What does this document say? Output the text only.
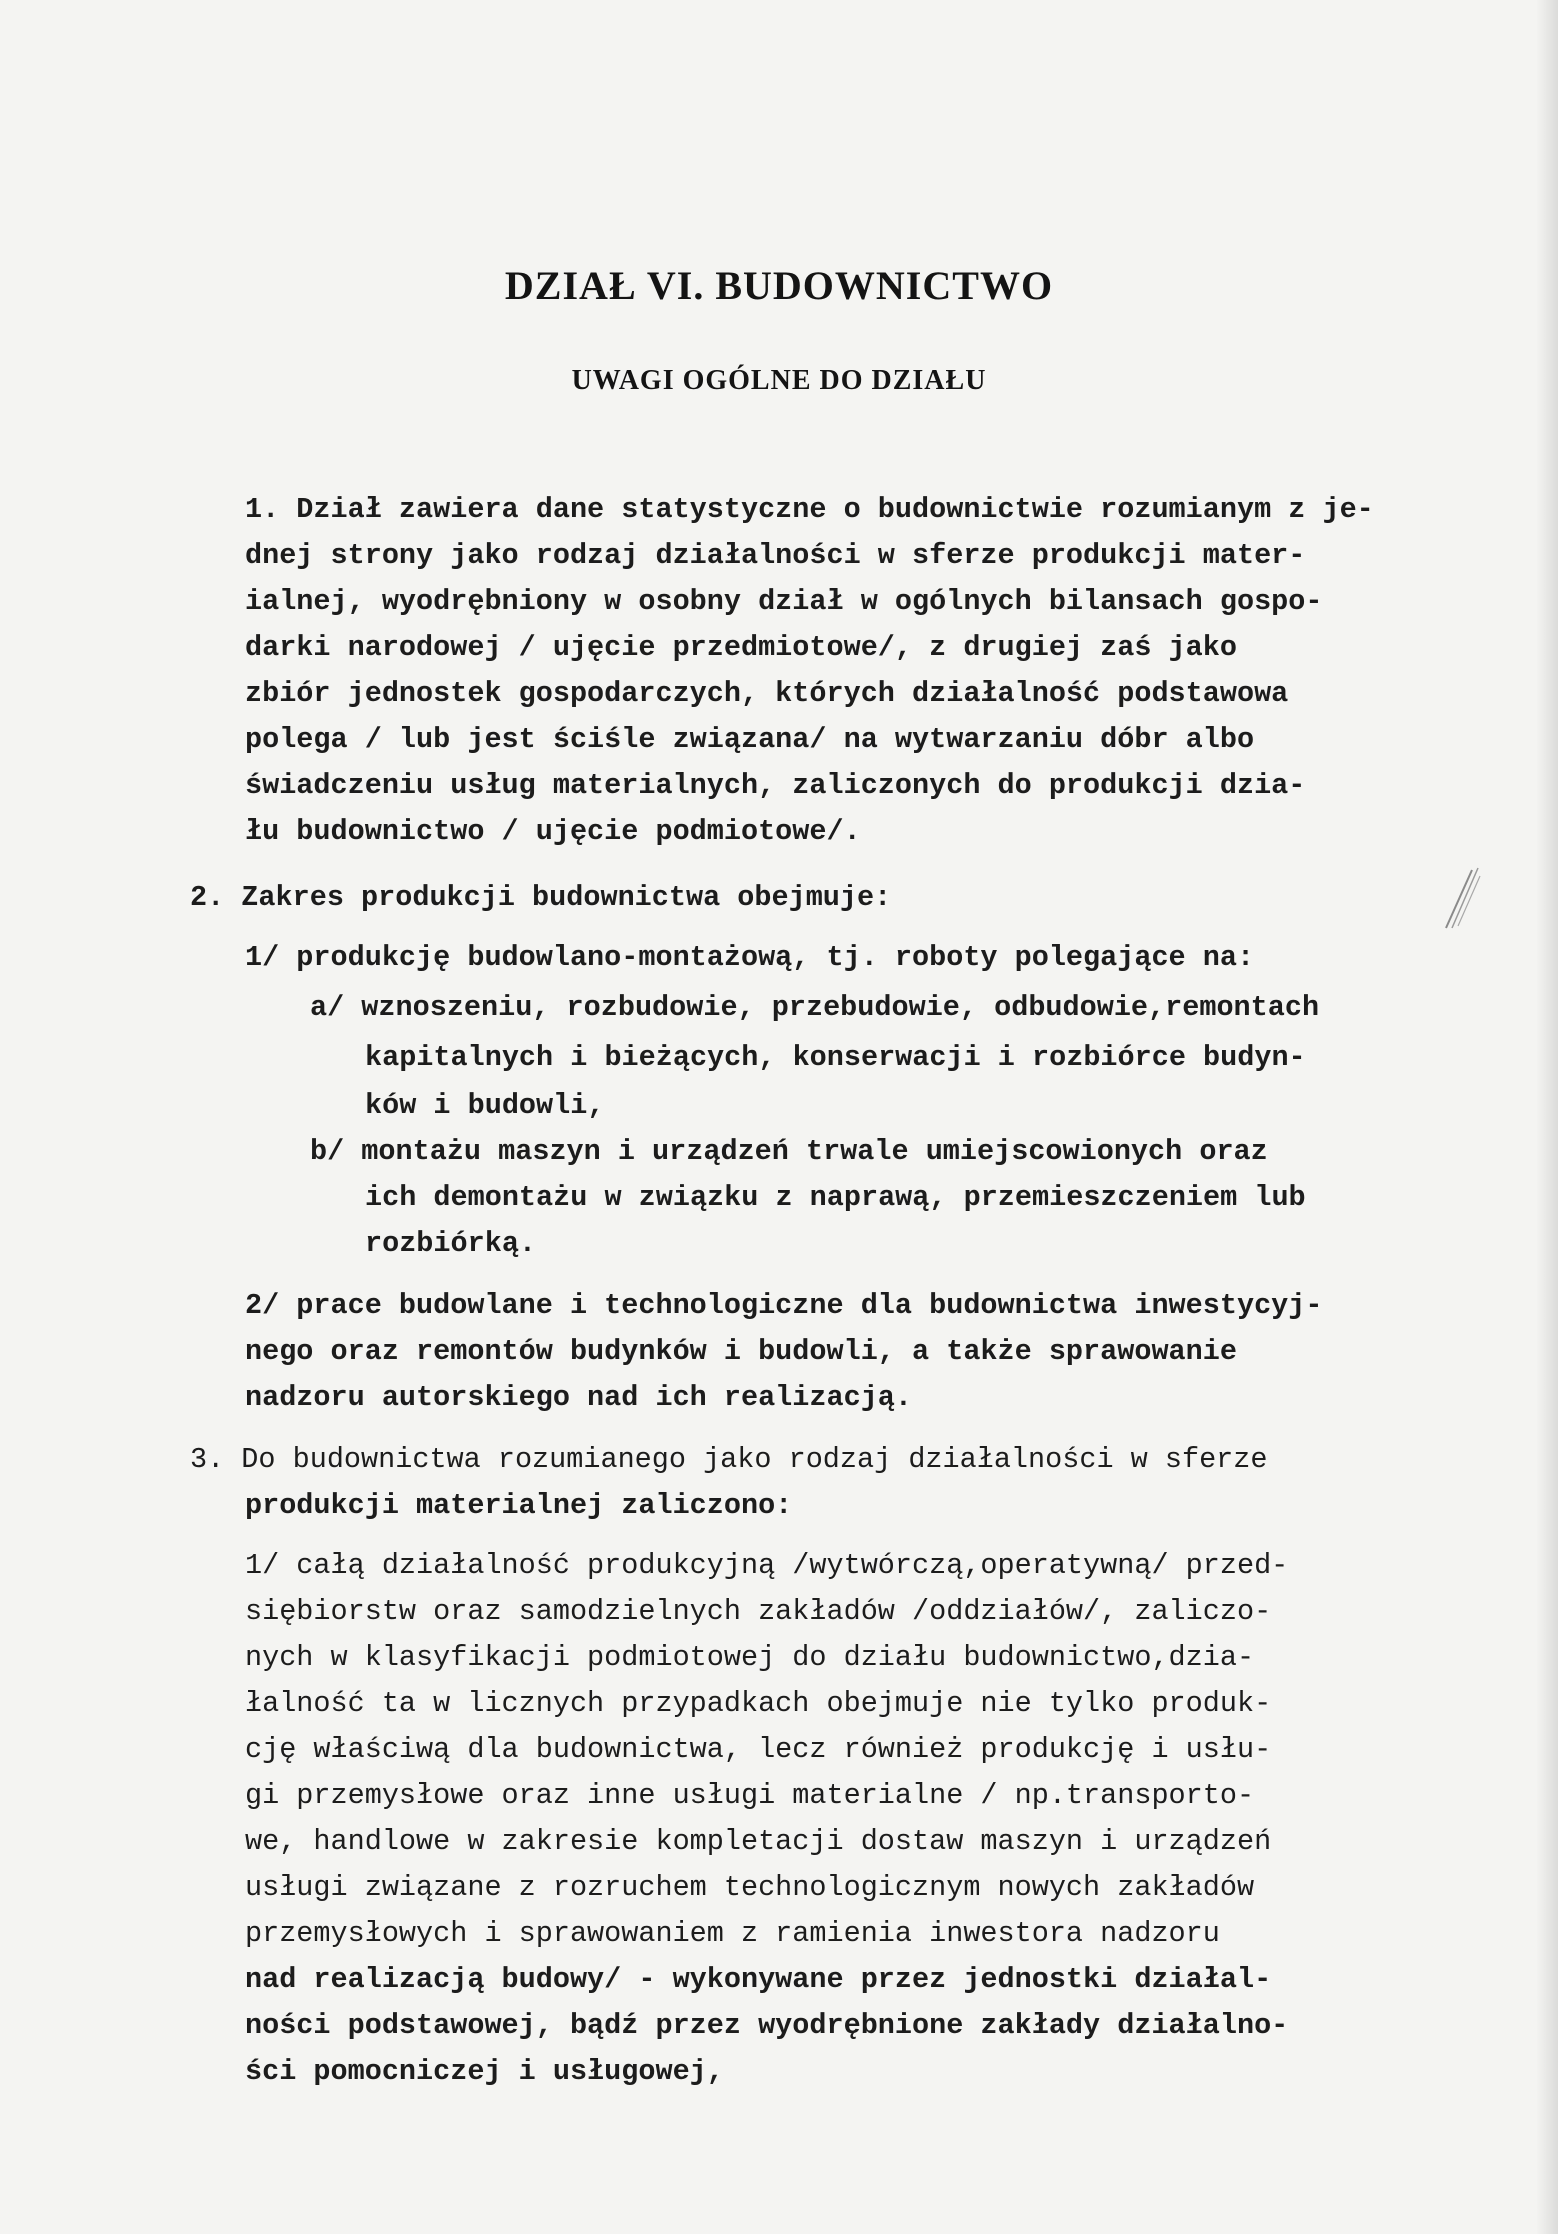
DZIAŁ VI. BUDOWNICTWO
UWAGI OGÓLNE DO DZIAŁU
1. Dział zawiera dane statystyczne o budownictwie rozumianym z je-
dnej strony jako rodzaj działalności w sferze produkcji mater-
ialnej, wyodrębniony w osobny dział w ogólnych bilansach gospo-
darki narodowej / ujęcie przedmiotowe/, z drugiej zaś jako
zbiór jednostek gospodarczych, których działalność podstawowa
polega / lub jest ściśle związana/ na wytwarzaniu dóbr albo
świadczeniu usług materialnych, zaliczonych do produkcji dzia-
łu budownictwo / ujęcie podmiotowe/.
2. Zakres produkcji budownictwa obejmuje:
1/ produkcję budowlano-montażową, tj. roboty polegające na:
a/ wznoszeniu, rozbudowie, przebudowie, odbudowie,remontach
kapitalnych i bieżących, konserwacji i rozbiórce budyn-
ków i budowli,
b/ montażu maszyn i urządzeń trwale umiejscowionych oraz
ich demontażu w związku z naprawą, przemieszczeniem lub
rozbiórką.
2/ prace budowlane i technologiczne dla budownictwa inwestycyj-
nego oraz remontów budynków i budowli, a także sprawowanie
nadzoru autorskiego nad ich realizacją.
3. Do budownictwa rozumianego jako rodzaj działalności w sferze
produkcji materialnej zaliczono:
1/ całą działalność produkcyjną /wytwórczą,operatywną/ przed-
siębiorstw oraz samodzielnych zakładów /oddziałów/, zaliczo-
nych w klasyfikacji podmiotowej do działu budownictwo,dzia-
łalność ta w licznych przypadkach obejmuje nie tylko produk-
cję właściwą dla budownictwa, lecz również produkcję i usłu-
gi przemysłowe oraz inne usługi materialne / np.transporto-
we, handlowe w zakresie kompletacji dostaw maszyn i urządzeń
usługi związane z rozruchem technologicznym nowych zakładów
przemysłowych i sprawowaniem z ramienia inwestora nadzoru
nad realizacją budowy/ - wykonywane przez jednostki działal-
ności podstawowej, bądź przez wyodrębnione zakłady działalno-
ści pomocniczej i usługowej,
